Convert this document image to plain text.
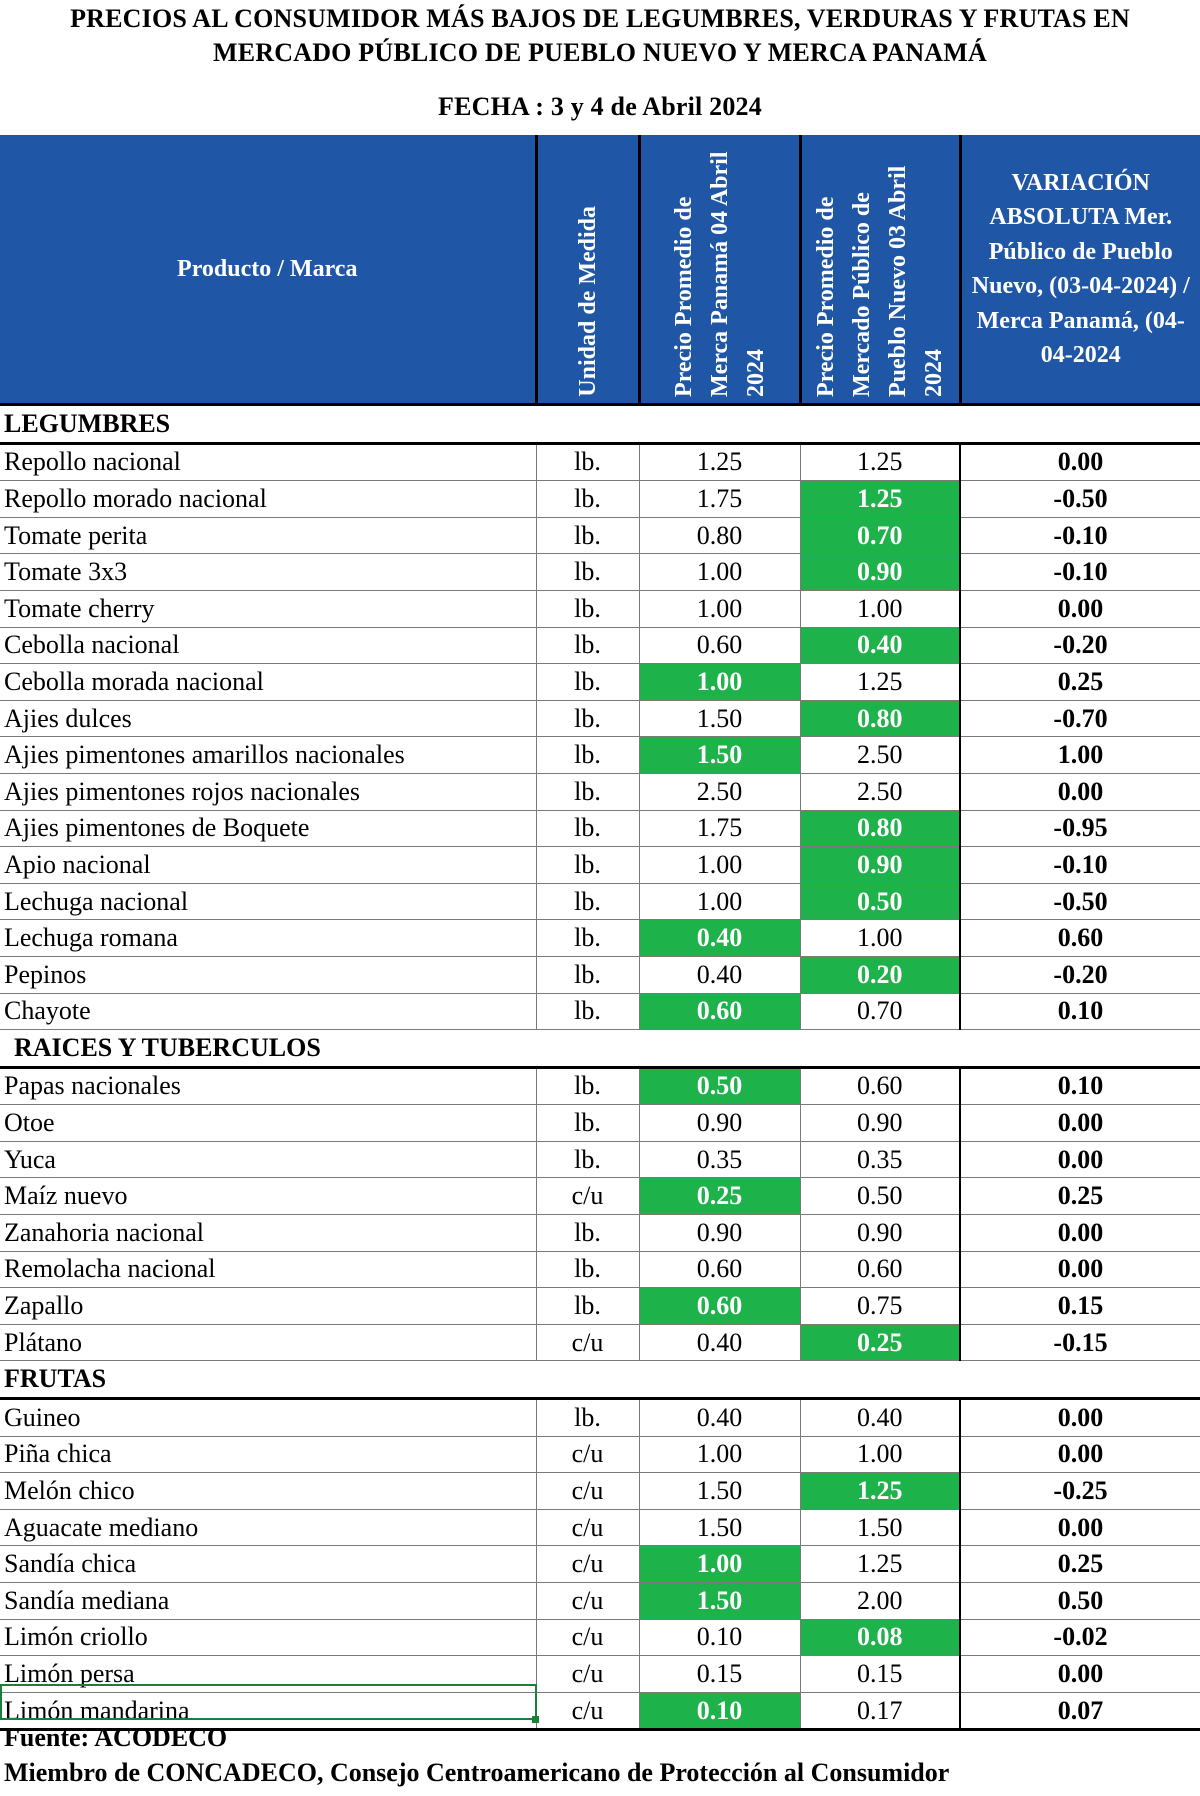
PRECIOS AL CONSUMIDOR MÁS BAJOS DE LEGUMBRES, VERDURAS Y FRUTAS EN
MERCADO PÚBLICO DE PUEBLO NUEVO Y MERCA PANAMÁ
FECHA : 3 y 4 de Abril 2024
Producto / Marca	Unidad de Medida	Precio Promedio de Merca Panamá 04 Abril 2024	Precio Promedio de Mercado Público de Pueblo Nuevo 03 Abril 2024	VARIACIÓN ABSOLUTA Mer. Público de Pueblo Nuevo, (03-04-2024) / Merca Panamá, (04-04-2024

LEGUMBRES				
Repollo nacional	lb.	1.25	1.25	0.00
Repollo morado nacional	lb.	1.75	1.25	-0.50
Tomate perita	lb.	0.80	0.70	-0.10
Tomate 3x3	lb.	1.00	0.90	-0.10
Tomate cherry	lb.	1.00	1.00	0.00
Cebolla nacional	lb.	0.60	0.40	-0.20
Cebolla morada nacional	lb.	1.00	1.25	0.25
Ajies dulces	lb.	1.50	0.80	-0.70
Ajies pimentones amarillos nacionales	lb.	1.50	2.50	1.00
Ajies pimentones rojos nacionales	lb.	2.50	2.50	0.00
Ajies pimentones de Boquete	lb.	1.75	0.80	-0.95
Apio nacional	lb.	1.00	0.90	-0.10
Lechuga nacional	lb.	1.00	0.50	-0.50
Lechuga romana	lb.	0.40	1.00	0.60
Pepinos	lb.	0.40	0.20	-0.20
Chayote	lb.	0.60	0.70	0.10
RAICES Y TUBERCULOS				
Papas nacionales	lb.	0.50	0.60	0.10
Otoe	lb.	0.90	0.90	0.00
Yuca	lb.	0.35	0.35	0.00
Maíz nuevo	c/u	0.25	0.50	0.25
Zanahoria nacional	lb.	0.90	0.90	0.00
Remolacha nacional	lb.	0.60	0.60	0.00
Zapallo	lb.	0.60	0.75	0.15
Plátano	c/u	0.40	0.25	-0.15
FRUTAS				
Guineo	lb.	0.40	0.40	0.00
Piña chica	c/u	1.00	1.00	0.00
Melón chico	c/u	1.50	1.25	-0.25
Aguacate mediano	c/u	1.50	1.50	0.00
Sandía chica	c/u	1.00	1.25	0.25
Sandía mediana	c/u	1.50	2.00	0.50
Limón criollo	c/u	0.10	0.08	-0.02
Limón persa	c/u	0.15	0.15	0.00
Limón mandarina	c/u	0.10	0.17	0.07
Fuente: ACODECO
Miembro de CONCADECO, Consejo Centroamericano de Protección al Consumidor
